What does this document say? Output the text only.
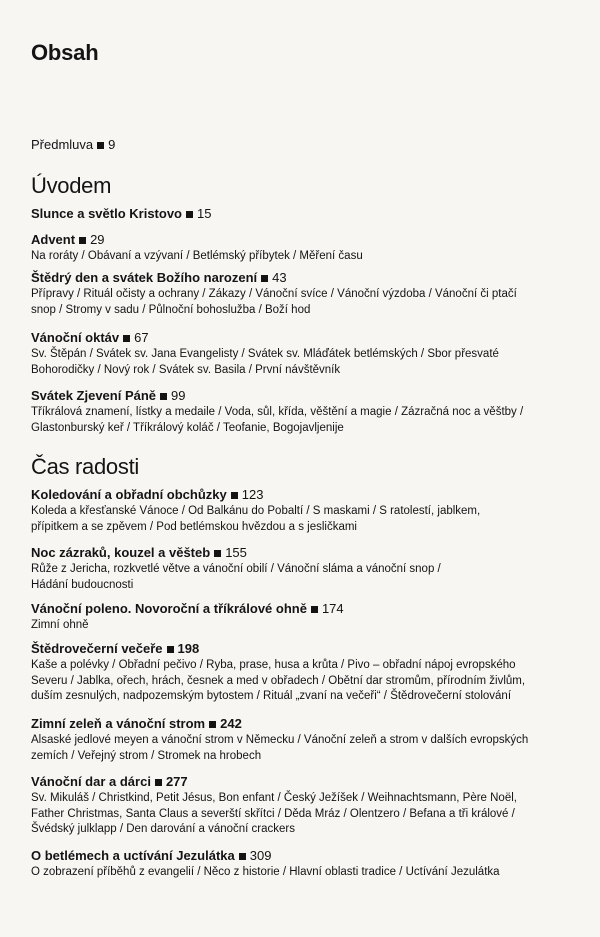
Obsah
Předmluva 9
Úvodem
Slunce a světlo Kristovo 15
Advent 29
Na roráty / Obávaní a vzývaní / Betlémský příbytek / Měření času
Štědrý den a svátek Božího narození 43
Přípravy / Rituál očisty a ochrany / Zákazy / Vánoční svíce / Vánoční výzdoba / Vánoční či ptačí
snop / Stromy v sadu / Půlnoční bohoslužba / Boží hod
Vánoční oktáv 67
Sv. Štěpán / Svátek sv. Jana Evangelisty / Svátek sv. Mláďátek betlémských / Sbor přesvaté
Bohorodičky / Nový rok / Svátek sv. Basila / První návštěvník
Svátek Zjevení Páně 99
Tříkrálová znamení, lístky a medaile / Voda, sůl, křída, věštění a magie / Zázračná noc a věštby /
Glastonburský keř / Tříkrálový koláč / Teofanie, Bogojavljenije
Čas radosti
Koledování a obřadní obchůzky 123
Koleda a křesťanské Vánoce / Od Balkánu do Pobaltí / S maskami / S ratolestí, jablkem,
přípitkem a se zpěvem / Pod betlémskou hvězdou a s jesličkami
Noc zázraků, kouzel a věšteb 155
Růže z Jericha, rozkvetlé větve a vánoční obilí / Vánoční sláma a vánoční snop /
Hádání budoucnosti
Vánoční poleno. Novoroční a tříkrálové ohně 174
Zimní ohně
Štědrovečerní večeře 198
Kaše a polévky / Obřadní pečivo / Ryba, prase, husa a krůta / Pivo – obřadní nápoj evropského
Severu / Jablka, ořech, hrách, česnek a med v obřadech / Obětní dar stromům, přírodním živlům,
duším zesnulých, nadpozemským bytostem / Rituál „zvaní na večeři“ / Štědrovečerní stolování
Zimní zeleň a vánoční strom 242
Alsaské jedlové meyen a vánoční strom v Německu / Vánoční zeleň a strom v dalších evropských
zemích / Veřejný strom / Stromek na hrobech
Vánoční dar a dárci 277
Sv. Mikuláš / Christkind, Petit Jésus, Bon enfant / Český Ježíšek / Weihnachtsmann, Père Noël,
Father Christmas, Santa Claus a severští skřítci / Děda Mráz / Olentzero / Befana a tři králové /
Švédský julklapp / Den darování a vánoční crackers
O betlémech a uctívání Jezulátka 309
O zobrazení příběhů z evangelií / Něco z historie / Hlavní oblasti tradice / Uctívání Jezulátka
